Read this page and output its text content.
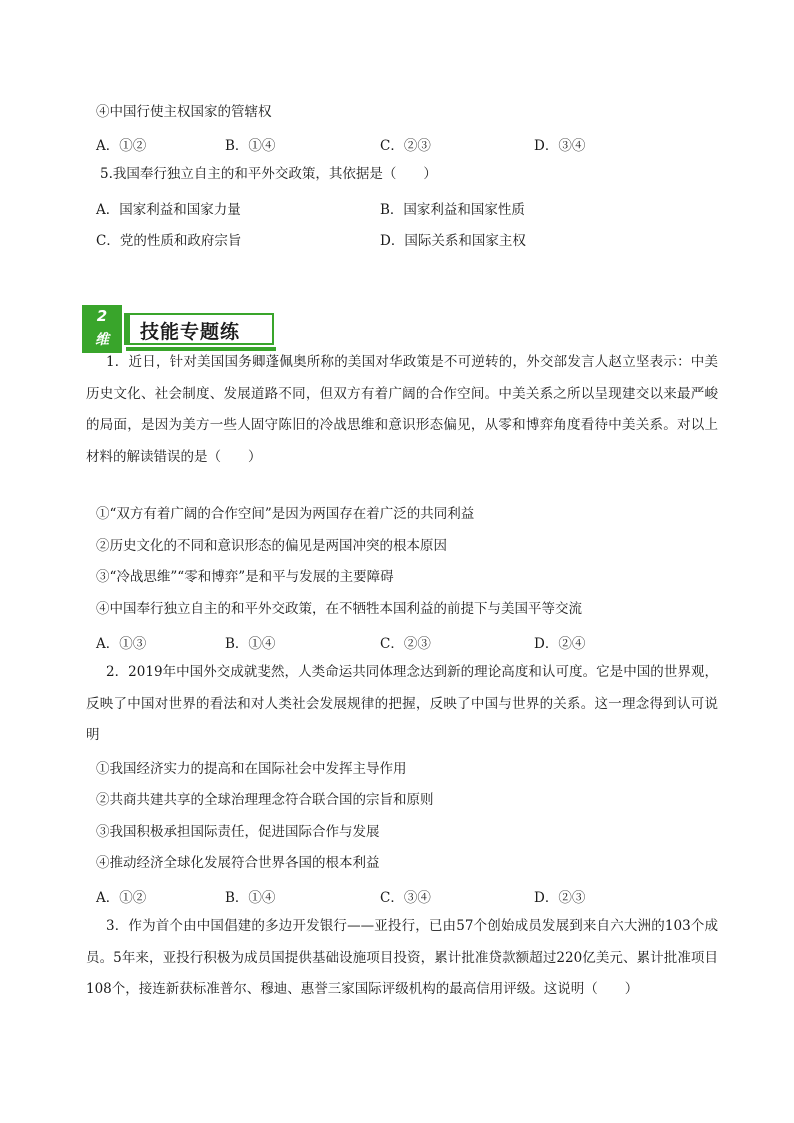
④中国行使主权国家的管辖权
A．①②	B．①④	C．②③	D．③④
5.我国奉行独立自主的和平外交政策，其依据是（　　）
A．国家利益和国家力量	B．国家利益和国家性质
C．党的性质和政府宗旨	D．国际关系和国家主权
2
维	技能专题练
1．近日，针对美国国务卿蓬佩奥所称的美国对华政策是不可逆转的，外交部发言人赵立坚表示：中美历史文化、社会制度、发展道路不同，但双方有着广阔的合作空间。中美关系之所以呈现建交以来最严峻的局面，是因为美方一些人固守陈旧的冷战思维和意识形态偏见，从零和博弈角度看待中美关系。对以上材料的解读错误的是（　　）
①“双方有着广阔的合作空间”是因为两国存在着广泛的共同利益
②历史文化的不同和意识形态的偏见是两国冲突的根本原因
③“冷战思维”“零和博弈”是和平与发展的主要障碍
④中国奉行独立自主的和平外交政策，在不牺牲本国利益的前提下与美国平等交流
A．①③	B．①④	C．②③	D．②④
2．2019年中国外交成就斐然，人类命运共同体理念达到新的理论高度和认可度。它是中国的世界观，反映了中国对世界的看法和对人类社会发展规律的把握，反映了中国与世界的关系。这一理念得到认可说明
①我国经济实力的提高和在国际社会中发挥主导作用
②共商共建共享的全球治理理念符合联合国的宗旨和原则
③我国积极承担国际责任，促进国际合作与发展
④推动经济全球化发展符合世界各国的根本利益
A．①②	B．①④	C．③④	D．②③
3．作为首个由中国倡建的多边开发银行——亚投行，已由57个创始成员发展到来自六大洲的103个成员。5年来，亚投行积极为成员国提供基础设施项目投资，累计批准贷款额超过220亿美元、累计批准项目108个，接连新获标准普尔、穆迪、惠誉三家国际评级机构的最高信用评级。这说明（　　）
